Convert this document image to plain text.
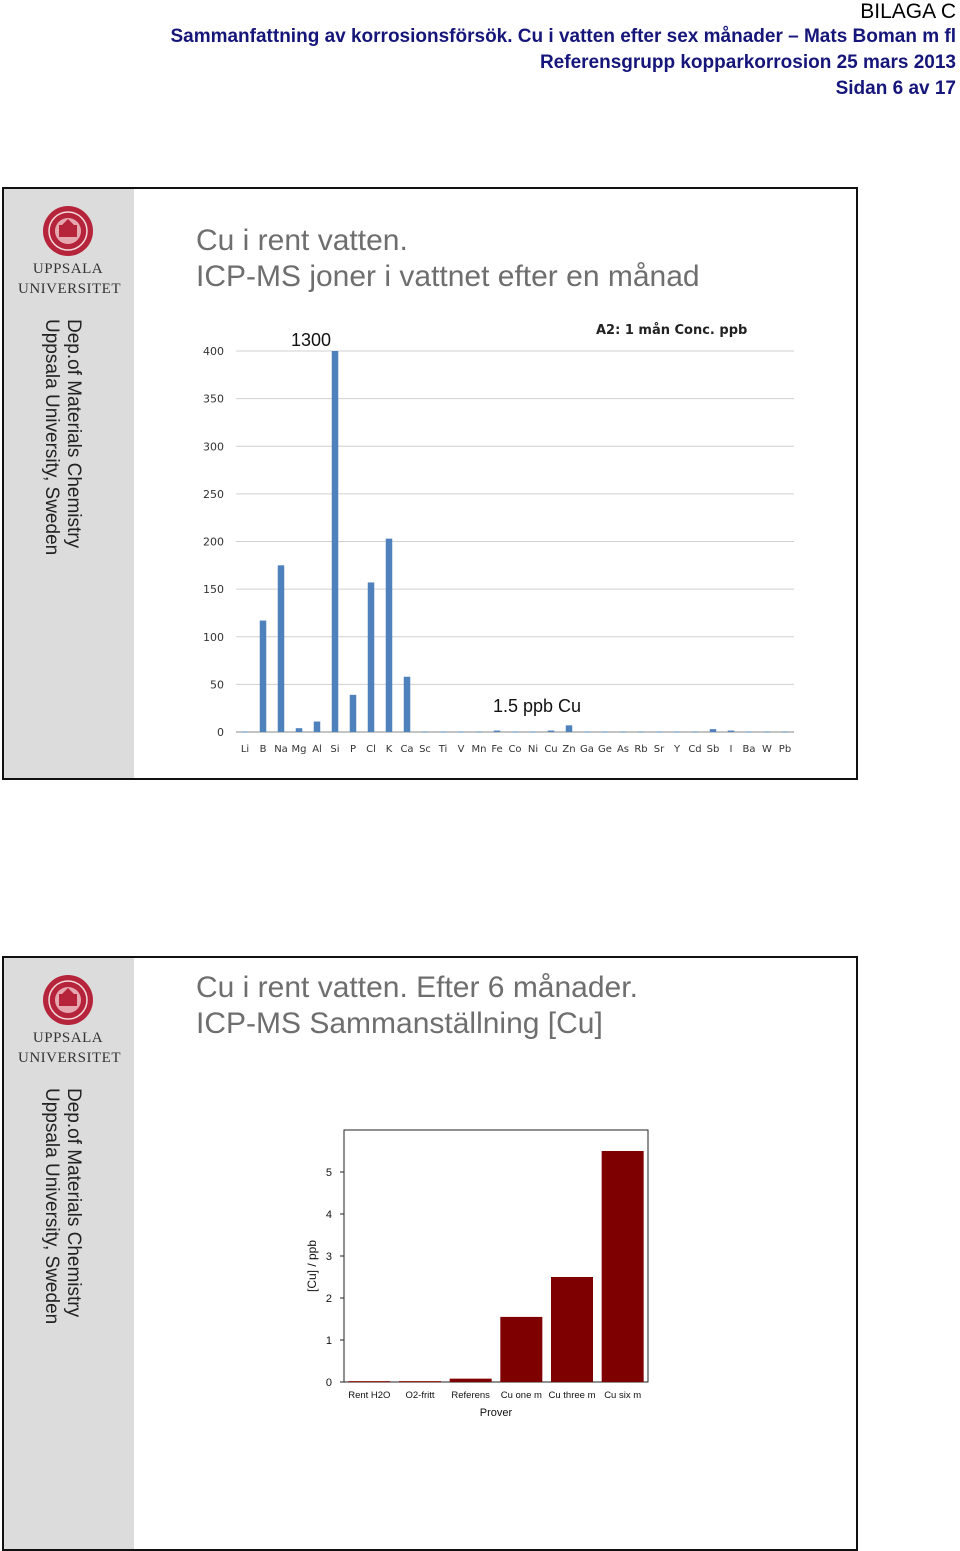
BILAGA C
Sammanfattning av korrosionsförsök. Cu i vatten efter sex månader – Mats Boman m fl
Referensgrupp kopparkorrosion 25 mars 2013
Sidan 6 av 17
UPPSALA
UNIVERSITET
Dep.of Materials Chemistry
Uppsala University, Sweden
Cu i rent vatten.
ICP-MS joner i vattnet efter en månad
A2: 1 mån Conc. ppb
0
50
100
150
200
250
300
350
400
Li B Na Mg Al Si P Cl K Ca Sc Ti V Mn Fe Co Ni Cu Zn Ga Ge As Rb Sr Y Cd Sb I Ba W Pb
1300
1.5 ppb Cu
UPPSALA
UNIVERSITET
Dep.of Materials Chemistry
Uppsala University, Sweden
Cu i rent vatten. Efter 6 månader.
ICP-MS Sammanställning [Cu]
0
1
2
3
4
5
Rent H2O O2-fritt Referens Cu one m Cu three m Cu six m
Prover
[Cu] / ppb
